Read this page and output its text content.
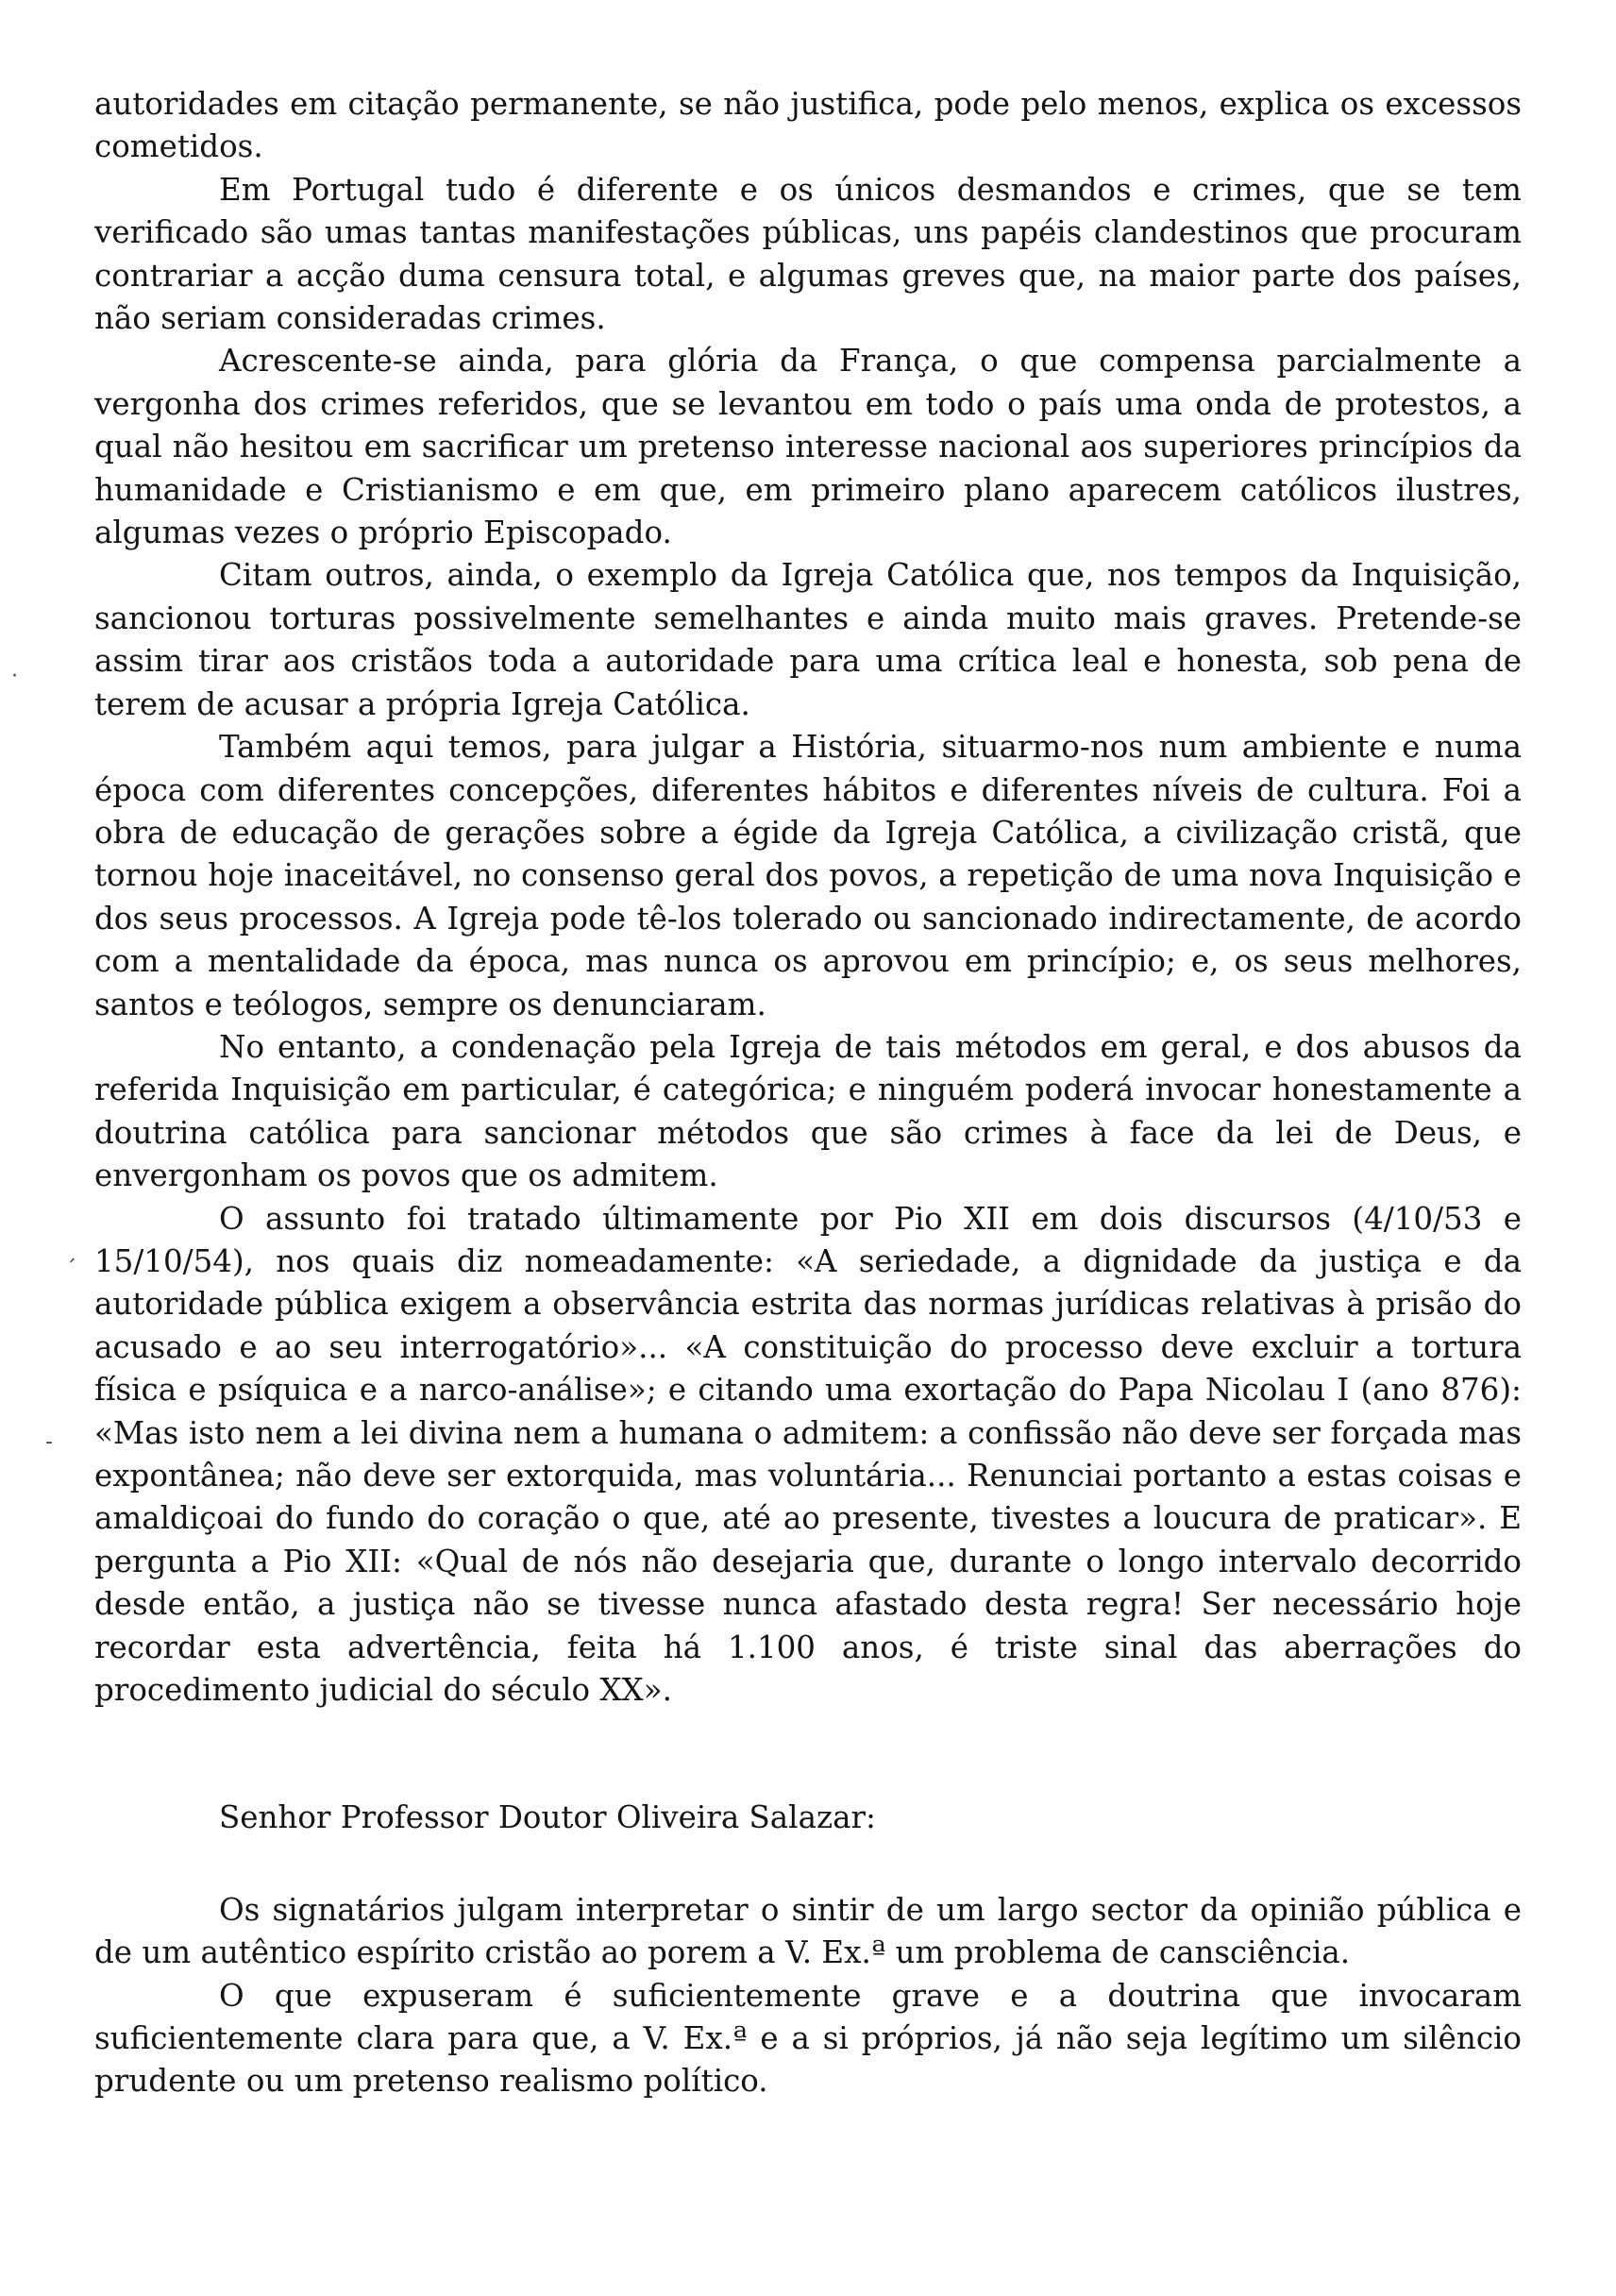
autoridades em citação permanente, se não justifica, pode pelo menos, explica os excessos cometidos.

Em Portugal tudo é diferente e os únicos desmandos e crimes, que se tem verificado são umas tantas manifestações públicas, uns papéis clandestinos que procuram contrariar a acção duma censura total, e algumas greves que, na maior parte dos países, não seriam consideradas crimes.

Acrescente-se ainda, para glória da França, o que compensa parcialmente a vergonha dos crimes referidos, que se levantou em todo o país uma onda de protestos, a qual não hesitou em sacrificar um pretenso interesse nacional aos superiores princípios da humanidade e Cristianismo e em que, em primeiro plano aparecem católicos ilustres, algumas vezes o próprio Episcopado.

Citam outros, ainda, o exemplo da Igreja Católica que, nos tempos da Inquisição, sancionou torturas possivelmente semelhantes e ainda muito mais graves. Pretende-se assim tirar aos cristãos toda a autoridade para uma crítica leal e honesta, sob pena de terem de acusar a própria Igreja Católica.

Também aqui temos, para julgar a História, situarmo-nos num ambiente e numa época com diferentes concepções, diferentes hábitos e diferentes níveis de cultura. Foi a obra de educação de gerações sobre a égide da Igreja Católica, a civilização cristã, que tornou hoje inaceitável, no consenso geral dos povos, a repetição de uma nova Inquisição e dos seus processos. A Igreja pode tê-los tolerado ou sancionado indirectamente, de acordo com a mentalidade da época, mas nunca os aprovou em princípio; e, os seus melhores, santos e teólogos, sempre os denunciaram.

No entanto, a condenação pela Igreja de tais métodos em geral, e dos abusos da referida Inquisição em particular, é categórica; e ninguém poderá invocar honestamente a doutrina católica para sancionar métodos que são crimes à face da lei de Deus, e envergonham os povos que os admitem.

O assunto foi tratado últimamente por Pio XII em dois discursos (4/10/53 e 15/10/54), nos quais diz nomeadamente: «A seriedade, a dignidade da justiça e da autoridade pública exigem a observância estrita das normas jurídicas relativas à prisão do acusado e ao seu interrogatório»... «A constituição do processo deve excluir a tortura física e psíquica e a narco-análise»; e citando uma exortação do Papa Nicolau I (ano 876): «Mas isto nem a lei divina nem a humana o admitem: a confissão não deve ser forçada mas expontânea; não deve ser extorquida, mas voluntária... Renunciai portanto a estas coisas e amaldiçoai do fundo do coração o que, até ao presente, tivestes a loucura de praticar». E pergunta a Pio XII: «Qual de nós não desejaria que, durante o longo intervalo decorrido desde então, a justiça não se tivesse nunca afastado desta regra! Ser necessário hoje recordar esta advertência, feita há 1.100 anos, é triste sinal das aberrações do procedimento judicial do século XX».

Senhor Professor Doutor Oliveira Salazar:

Os signatários julgam interpretar o sintir de um largo sector da opinião pública e de um autêntico espírito cristão ao porem a V. Ex.ª um problema de cansciência.

O que expuseram é suficientemente grave e a doutrina que invocaram suficientemente clara para que, a V. Ex.ª e a si próprios, já não seja legítimo um silêncio prudente ou um pretenso realismo político.

·
´
-
